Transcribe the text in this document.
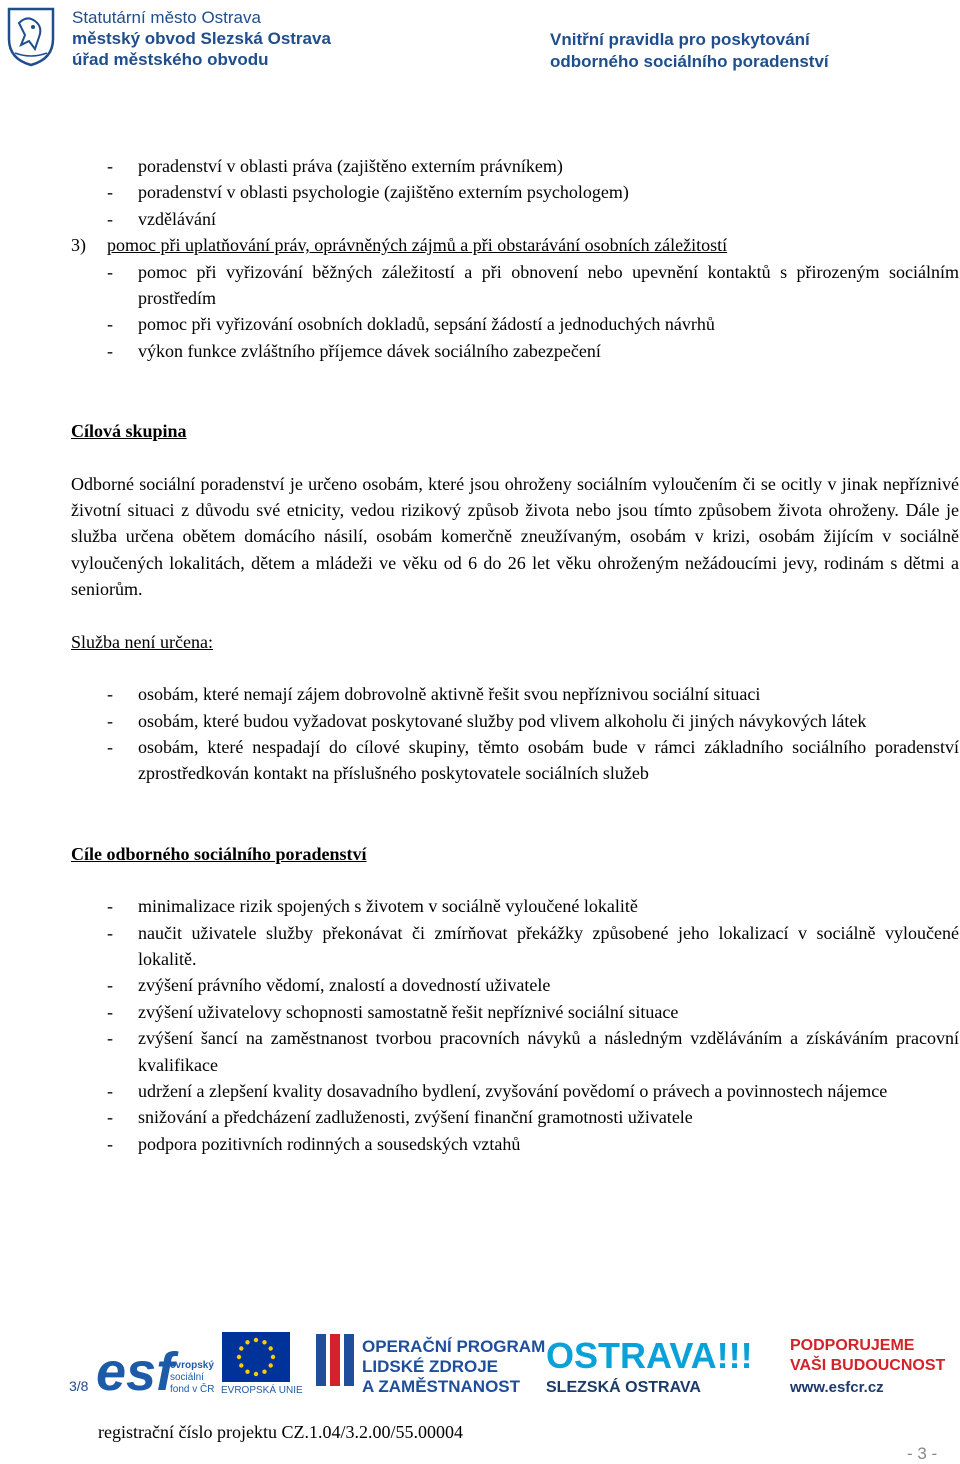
Statutární město Ostrava
městský obvod Slezská Ostrava
úřad městského obvodu
Vnitřní pravidla pro poskytování
odborného sociálního poradenství
- poradenství v oblasti práva (zajištěno externím právníkem)
- poradenství v oblasti psychologie (zajištěno externím psychologem)
- vzdělávání
3) pomoc při uplatňování práv, oprávněných zájmů a při obstarávání osobních záležitostí
- pomoc při vyřizování běžných záležitostí a při obnovení nebo upevnění kontaktů s přirozeným sociálním prostředím
- pomoc při vyřizování osobních dokladů, sepsání žádostí a jednoduchých návrhů
- výkon funkce zvláštního příjemce dávek sociálního zabezpečení
Cílová skupina
Odborné sociální poradenství je určeno osobám, které jsou ohroženy sociálním vyloučením či se ocitly v jinak nepříznivé životní situaci z důvodu své etnicity, vedou rizikový způsob života nebo jsou tímto způsobem života ohroženy. Dále je služba určena obětem domácího násilí, osobám komerčně zneužívaným, osobám v krizi, osobám žijícím v sociálně vyloučených lokalitách, dětem a mládeži ve věku od 6 do 26 let věku ohroženým nežádoucími jevy, rodinám s dětmi a seniorům.
Služba není určena:
- osobám, které nemají zájem dobrovolně aktivně řešit svou nepříznivou sociální situaci
- osobám, které budou vyžadovat poskytované služby pod vlivem alkoholu či jiných návykových látek
- osobám, které nespadají do cílové skupiny, těmto osobám bude v rámci základního sociálního poradenství zprostředkován kontakt na příslušného poskytovatele sociálních služeb
Cíle odborného sociálního poradenství
- minimalizace rizik spojených s životem v sociálně vyloučené lokalitě
- naučit uživatele služby překonávat či zmírňovat překážky způsobené jeho lokalizací v sociálně vyloučené lokalitě.
- zvýšení právního vědomí, znalostí a dovedností uživatele
- zvýšení uživatelovy schopnosti samostatně řešit nepříznivé sociální situace
- zvýšení šancí na zaměstnanost tvorbou pracovních návyků a následným vzděláváním a získáváním pracovní kvalifikace
- udržení a zlepšení kvality dosavadního bydlení, zvyšování povědomí o právech a povinnostech nájemce
- snižování a předcházení zadluženosti, zvýšení finanční gramotnosti uživatele
- podpora pozitivních rodinných a sousedských vztahů
esf
evropský
sociální
fond v ČR EVROPSKÁ UNIE
OPERAČNÍ PROGRAM
LIDSKÉ ZDROJE
A ZAMĚSTNANOST
OSTRAVA!!!
SLEZSKÁ OSTRAVA
PODPORUJEME
VAŠI BUDOUCNOST
www.esfcr.cz
3/8
registrační číslo projektu CZ.1.04/3.2.00/55.00004
- 3 -
